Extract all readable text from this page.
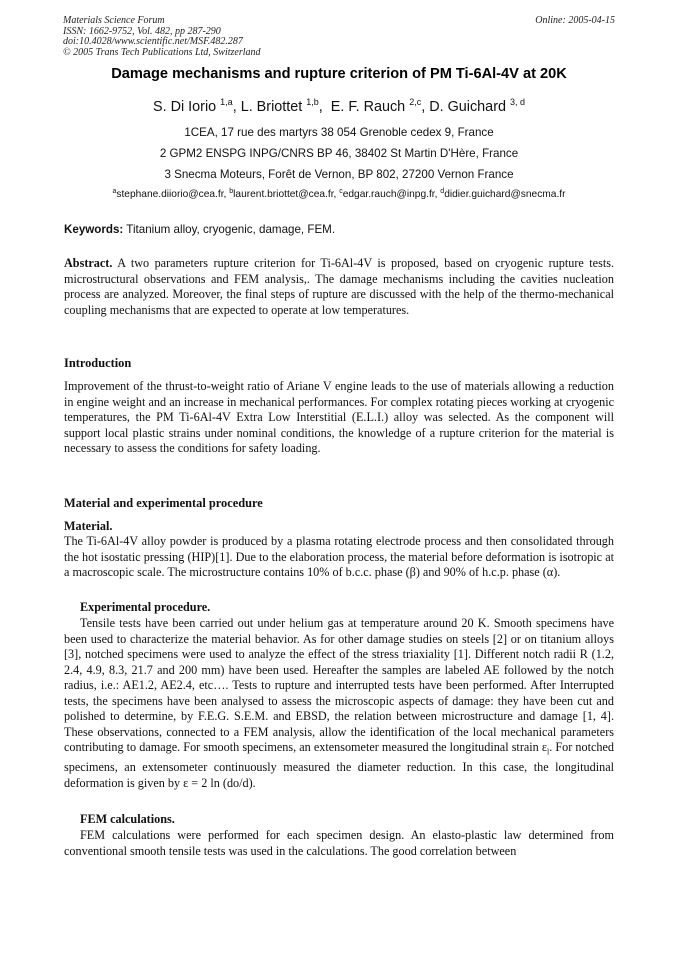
Materials Science Forum
ISSN: 1662-9752, Vol. 482, pp 287-290
doi:10.4028/www.scientific.net/MSF.482.287
© 2005 Trans Tech Publications Ltd, Switzerland
Online: 2005-04-15
Damage mechanisms and rupture criterion of PM Ti-6Al-4V at 20K
S. Di Iorio $^{1,a}$, L. Briottet $^{1,b}$,  E. F. Rauch $^{2,c}$, D. Guichard $^{3, d}$
1CEA, 17 rue des martyrs 38 054 Grenoble cedex 9, France
2 GPM2 ENSPG INPG/CNRS BP 46, 38402 St Martin D'Hère, France
3 Snecma Moteurs, Forêt de Vernon, BP 802, 27200 Vernon France
$^a$stephane.diiorio@cea.fr, $^b$laurent.briottet@cea.fr, $^c$edgar.rauch@inpg.fr, $^d$didier.guichard@snecma.fr
Keywords: Titanium alloy, cryogenic, damage, FEM.
Abstract. A two parameters rupture criterion for Ti-6Al-4V is proposed, based on cryogenic rupture tests. microstructural observations and FEM analysis,. The damage mechanisms including the cavities nucleation process are analyzed. Moreover, the final steps of rupture are discussed with the help of the thermo-mechanical coupling mechanisms that are expected to operate at low temperatures.
Introduction
Improvement of the thrust-to-weight ratio of Ariane V engine leads to the use of materials allowing a reduction in engine weight and an increase in mechanical performances. For complex rotating pieces working at cryogenic temperatures, the PM Ti-6Al-4V Extra Low Interstitial (E.L.I.) alloy was selected. As the component will support local plastic strains under nominal conditions, the knowledge of a rupture criterion for the material is necessary to assess the conditions for safety loading.
Material and experimental procedure
Material.
The Ti-6Al-4V alloy powder is produced by a plasma rotating electrode process and then consolidated through the hot isostatic pressing (HIP)[1]. Due to the elaboration process, the material before deformation is isotropic at a macroscopic scale. The microstructure contains 10% of b.c.c. phase (β) and 90% of h.c.p. phase (α).
Experimental procedure.
Tensile tests have been carried out under helium gas at temperature around 20 K. Smooth specimens have been used to characterize the material behavior. As for other damage studies on steels [2] or on titanium alloys [3], notched specimens were used to analyze the effect of the stress triaxiality [1]. Different notch radii R (1.2, 2.4, 4.9, 8.3, 21.7 and 200 mm) have been used. Hereafter the samples are labeled AE followed by the notch radius, i.e.: AE1.2, AE2.4, etc…. Tests to rupture and interrupted tests have been performed. After Interrupted tests, the specimens have been analysed to assess the microscopic aspects of damage: they have been cut and polished to determine, by F.E.G. S.E.M. and EBSD, the relation between microstructure and damage [1, 4]. These observations, connected to a FEM analysis, allow the identification of the local mechanical parameters contributing to damage. For smooth specimens, an extensometer measured the longitudinal strain $\varepsilon_l$. For notched specimens, an extensometer continuously measured the diameter reduction. In this case, the longitudinal deformation is given by ε = 2 ln (do/d).
FEM calculations.
FEM calculations were performed for each specimen design. An elasto-plastic law determined from conventional smooth tensile tests was used in the calculations. The good correlation between
